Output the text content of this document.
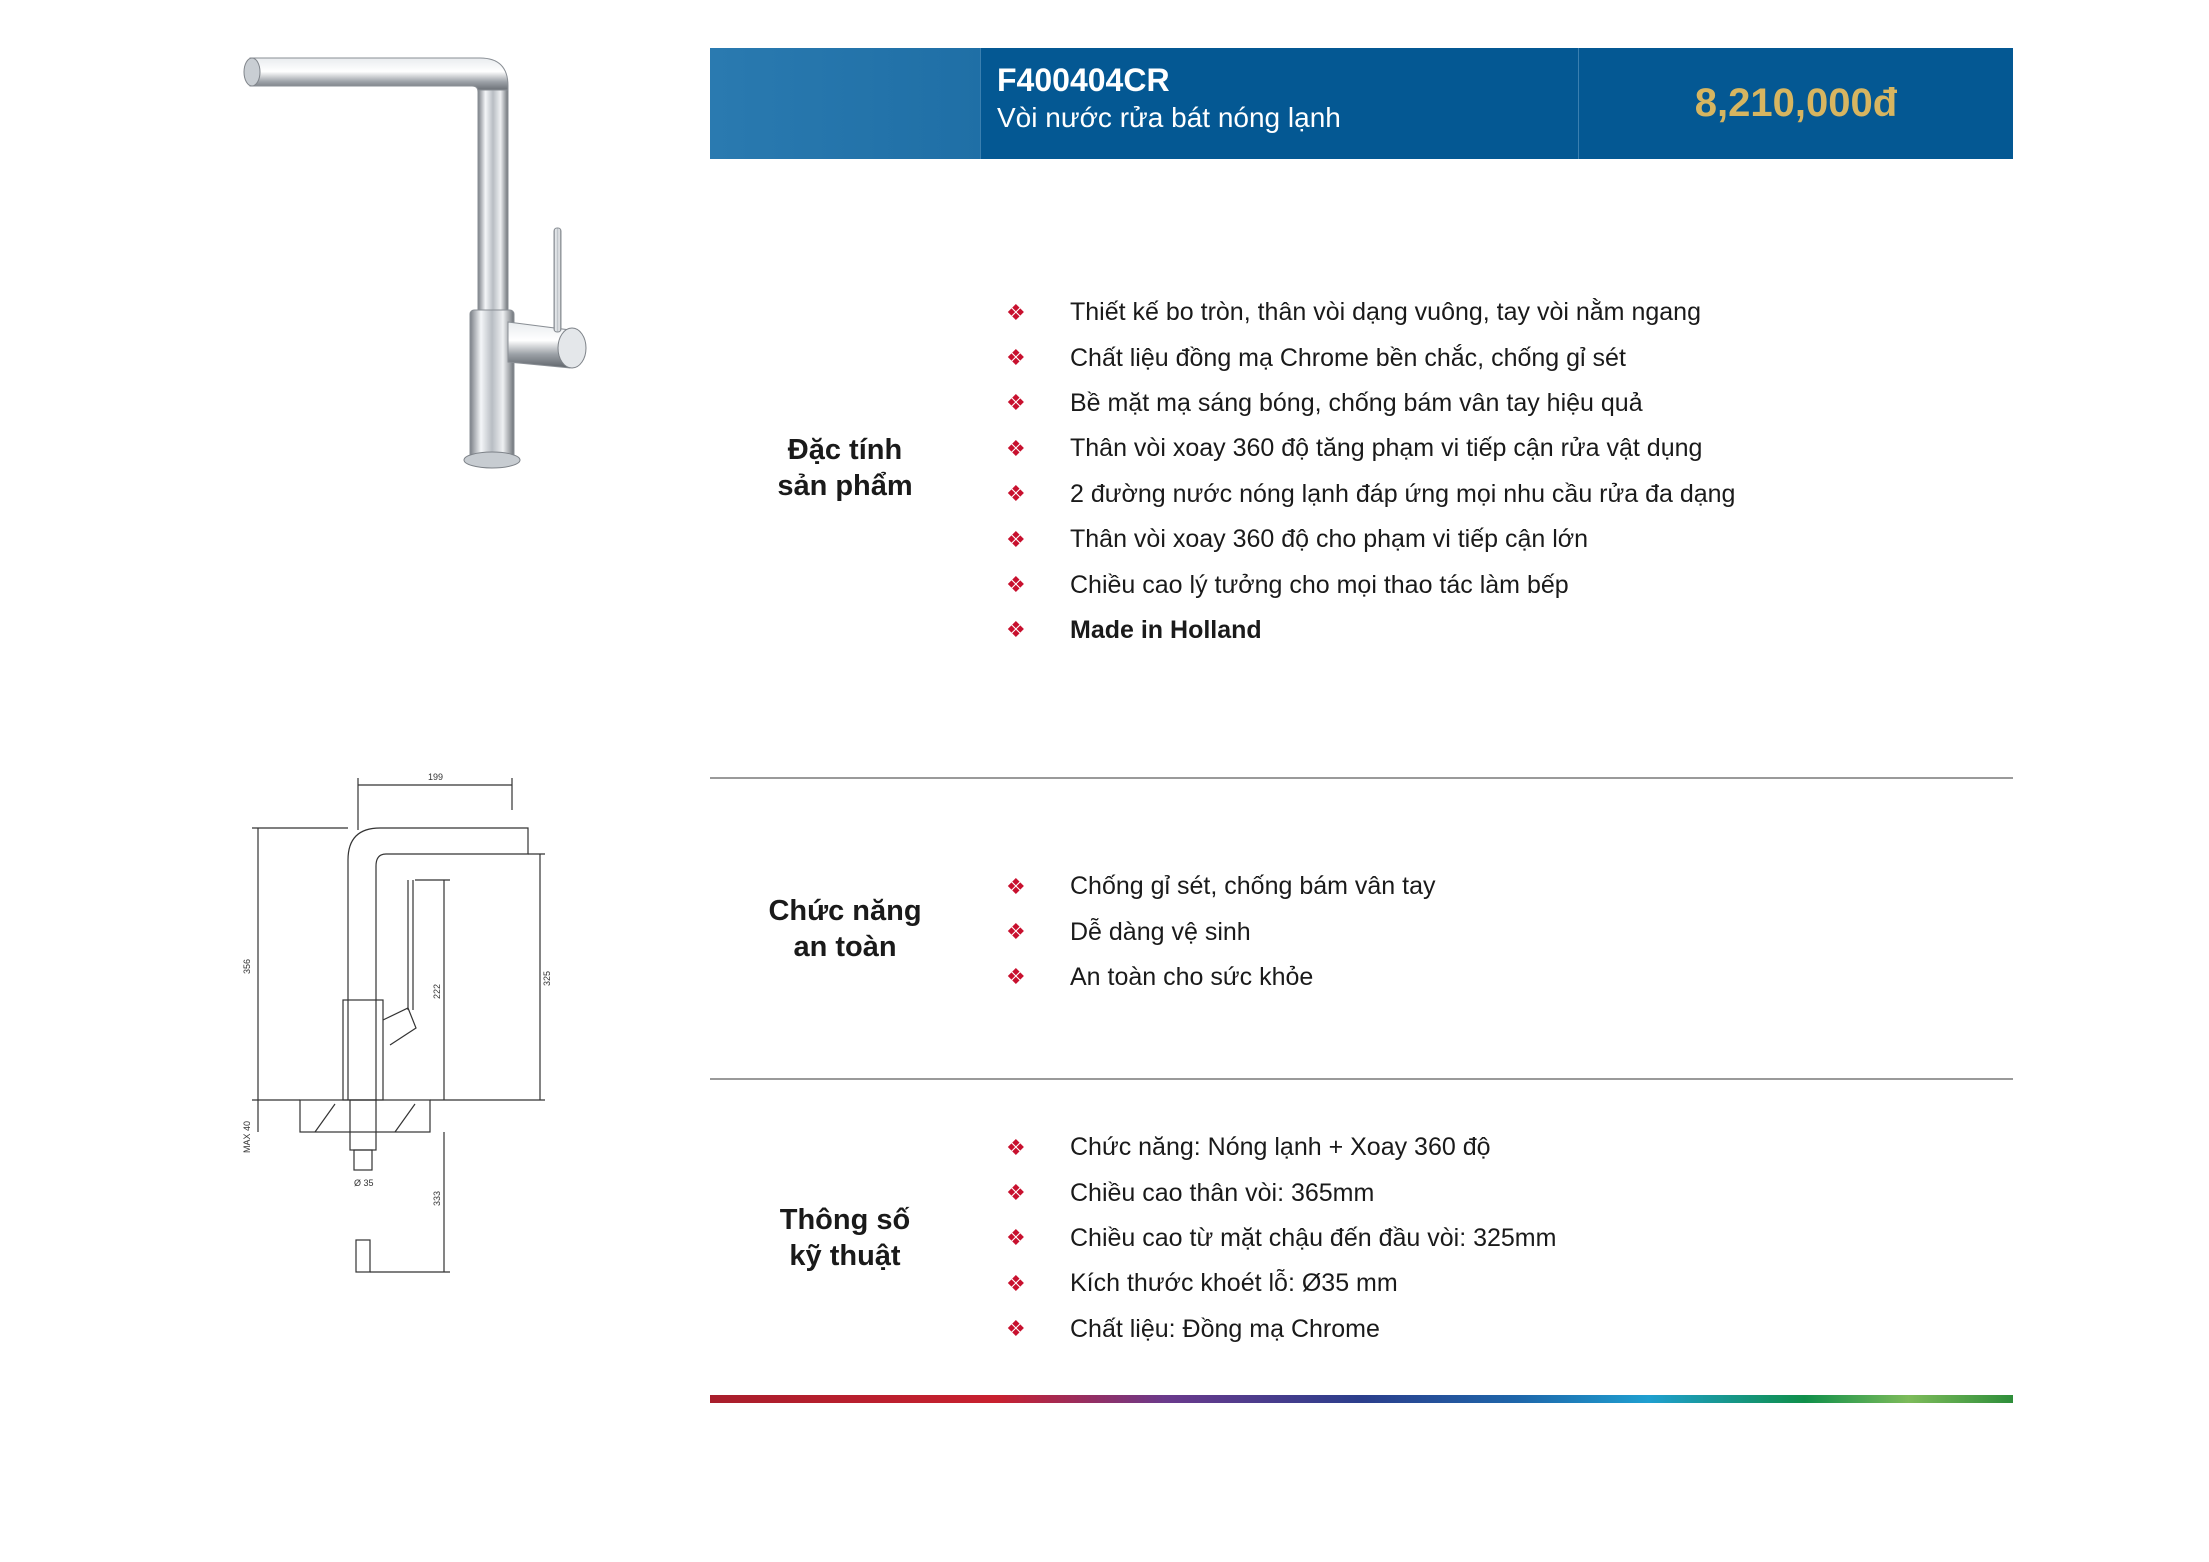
F400404CR
Vòi nước rửa bát nóng lạnh	8,210,000đ
199
356
325
222
MAX 40
Ø 35
333
Đặc tính
sản phẩm
❖	Thiết kế bo tròn, thân vòi dạng vuông, tay vòi nằm ngang
❖	Chất liệu đồng mạ Chrome bền chắc, chống gỉ sét
❖	Bề mặt mạ sáng bóng, chống bám vân tay hiệu quả
❖	Thân vòi xoay 360 độ tăng phạm vi tiếp cận rửa vật dụng
❖	2 đường nước nóng lạnh đáp ứng mọi nhu cầu rửa đa dạng
❖	Thân vòi xoay 360 độ cho phạm vi tiếp cận lớn
❖	Chiều cao lý tưởng cho mọi thao tác làm bếp
❖	Made in Holland
Chức năng
an toàn
❖	Chống gỉ sét, chống bám vân tay
❖	Dễ dàng vệ sinh
❖	An toàn cho sức khỏe
Thông số
kỹ thuật
❖	Chức năng: Nóng lạnh + Xoay 360 độ
❖	Chiều cao thân vòi: 365mm
❖	Chiều cao từ mặt chậu đến đầu vòi: 325mm
❖	Kích thước khoét lỗ: Ø35 mm
❖	Chất liệu: Đồng mạ Chrome
